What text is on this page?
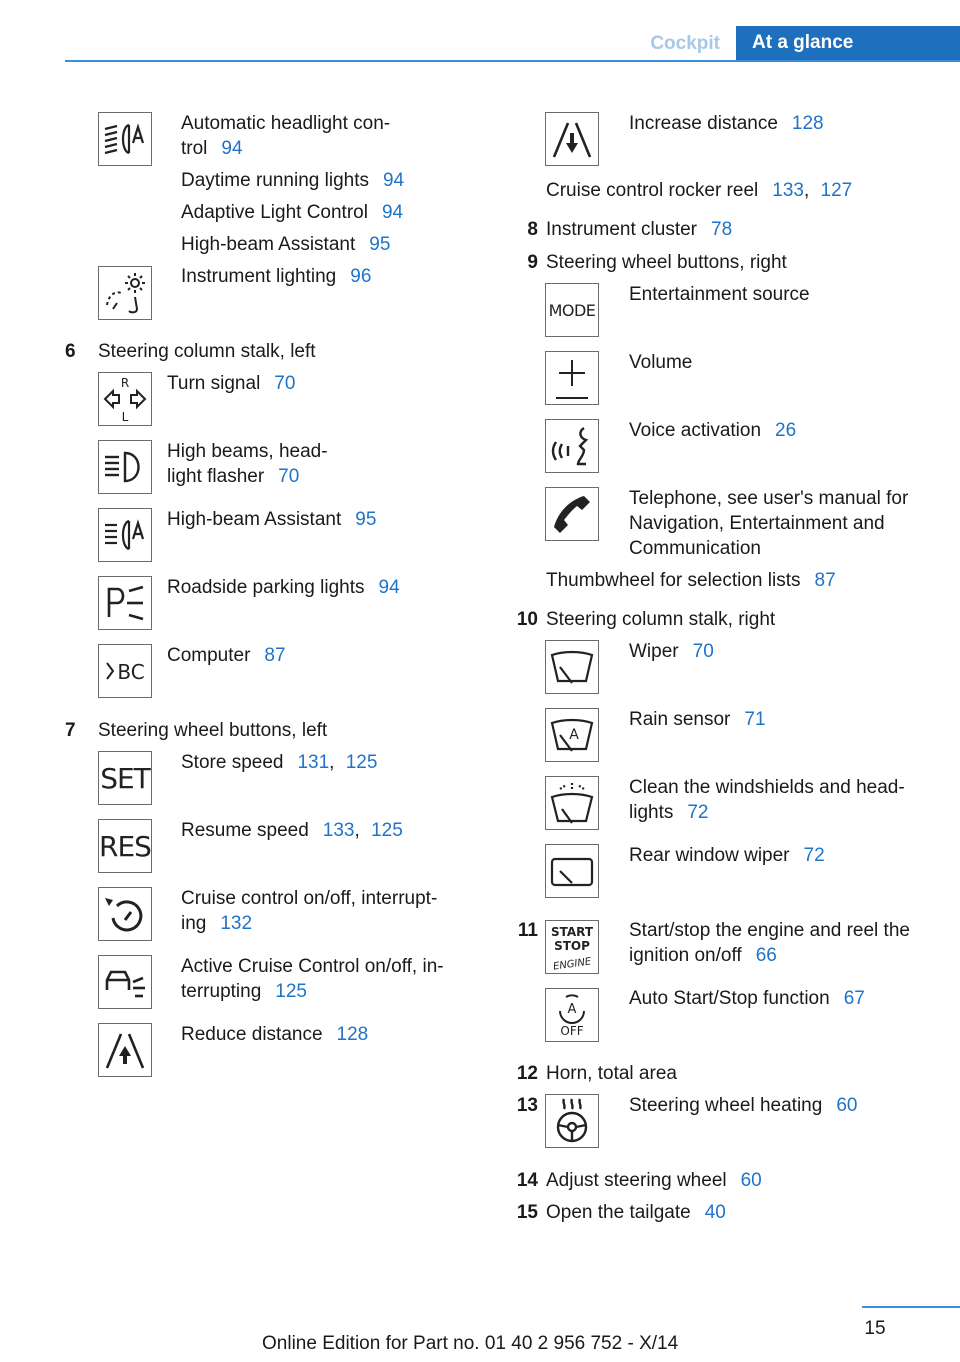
Cockpit	At a glance
Automatic headlight con-
trol 94
Daytime running lights 94
Adaptive Light Control 94
High-beam Assistant 95
Instrument lighting 96
6	Steering column stalk, left
R
L
Turn signal 70
High beams, head-
light flasher 70
High-beam Assistant 95
Roadside parking lights 94
BC
Computer 87
7	Steering wheel buttons, left
SET Store speed 131, 125
RES Resume speed 133, 125
Cruise control on/off, interrupt-
ing 132
Active Cruise Control on/off, in-
terrupting 125
Reduce distance 128
Increase distance 128
Cruise control rocker reel 133, 127
8 Instrument cluster 78
9 Steering wheel buttons, right
MODE
Entertainment source
Volume
Voice activation 26
Telephone, see user's manual for
Navigation, Entertainment and
Communication
Thumbwheel for selection lists 87
10 Steering column stalk, right
Wiper 70
A
Rain sensor 71
Clean the windshields and head-
lights 72
Rear window wiper 72
11 START
STOP
ENGINE
Start/stop the engine and reel the
ignition on/off 66
A
OFF
Auto Start/Stop function 67
12 Horn, total area
13	Steering wheel heating 60
14 Adjust steering wheel 60
15 Open the tailgate 40
15
Online Edition for Part no. 01 40 2 956 752 - X/14
